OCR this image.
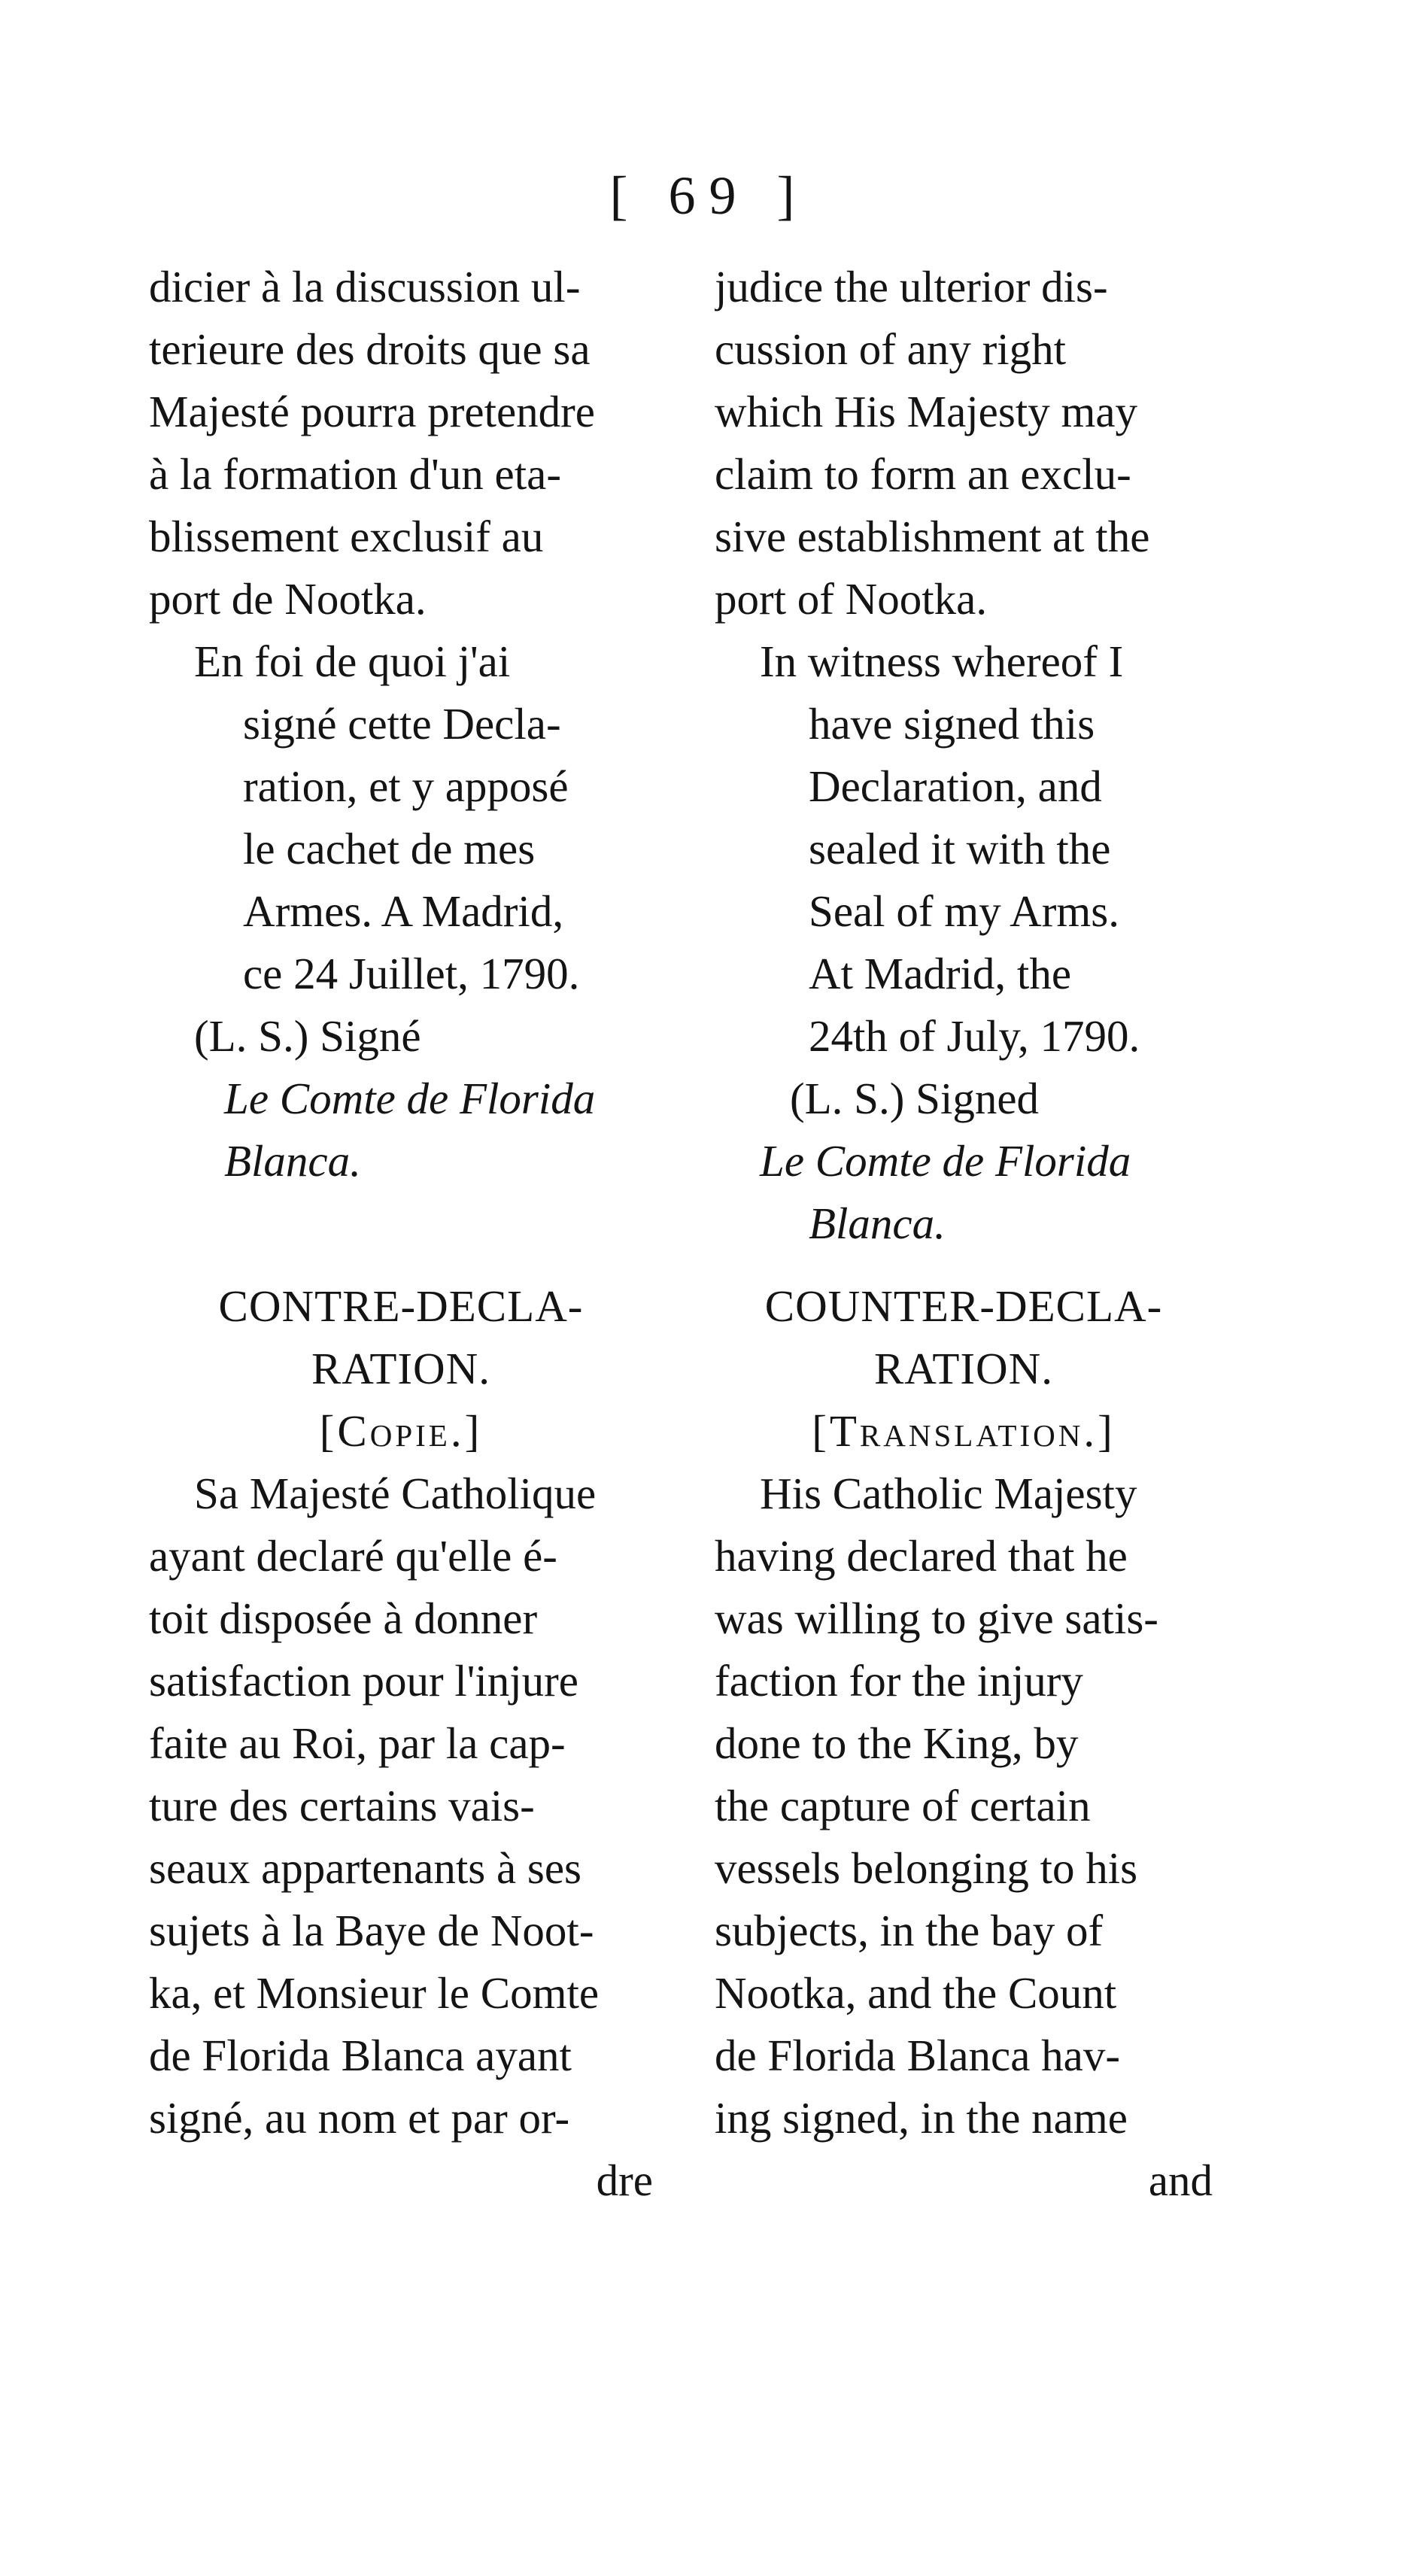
[ 69 ]
dicier à la discussion ul-
terieure des droits que sa
Majesté pourra pretendre
à la formation d'un eta-
blissement exclusif au
port de Nootka.
En foi de quoi j'ai
signé cette Decla-
ration, et y apposé
le cachet de mes
Armes. A Madrid,
ce 24 Juillet, 1790.
(L. S.) Signé
Le Comte de Florida
Blanca.
CONTRE-DECLA-
RATION.
[Copie.]
Sa Majesté Catholique
ayant declaré qu'elle é-
toit disposée à donner
satisfaction pour l'injure
faite au Roi, par la cap-
ture des certains vais-
seaux appartenants à ses
sujets à la Baye de Noot-
ka, et Monsieur le Comte
de Florida Blanca ayant
signé, au nom et par or-
dre
judice the ulterior dis-
cussion of any right
which His Majesty may
claim to form an exclu-
sive establishment at the
port of Nootka.
In witness whereof I
have signed this
Declaration, and
sealed it with the
Seal of my Arms.
At Madrid, the
24th of July, 1790.
(L. S.) Signed
Le Comte de Florida
Blanca.
COUNTER-DECLA-
RATION.
[Translation.]
His Catholic Majesty
having declared that he
was willing to give satis-
faction for the injury
done to the King, by
the capture of certain
vessels belonging to his
subjects, in the bay of
Nootka, and the Count
de Florida Blanca hav-
ing signed, in the name
and
